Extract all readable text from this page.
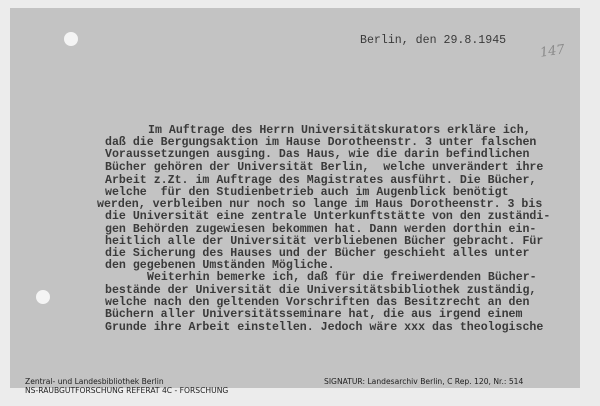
Berlin, den 29.8.1945
147
Im Auftrage des Herrn Universitätskurators erkläre ich,
daß die Bergungsaktion im Hause Dorotheenstr. 3 unter falschen
Voraussetzungen ausging. Das Haus, wie die darin befindlichen
Bücher gehören der Universität Berlin,  welche unverändert ihre
Arbeit z.Zt. im Auftrage des Magistrates ausführt. Die Bücher,
welche  für den Studienbetrieb auch im Augenblick benötigt
werden, verbleiben nur noch so lange im Haus Dorotheenstr. 3 bis
die Universität eine zentrale Unterkunftstätte von den zuständi-
gen Behörden zugewiesen bekommen hat. Dann werden dorthin ein-
heitlich alle der Universität verbliebenen Bücher gebracht. Für
die Sicherung des Hauses und der Bücher geschieht alles unter
den gegebenen Umständen Mögliche.
Weiterhin bemerke ich, daß für die freiwerdenden Bücher-
bestände der Universität die Universitätsbibliothek zuständig,
welche nach den geltenden Vorschriften das Besitzrecht an den
Büchern aller Universitätsseminare hat, die aus irgend einem
Grunde ihre Arbeit einstellen. Jedoch wäre xxx das theologische
Zentral- und Landesbibliothek Berlin
NS-RAUBGUTFORSCHUNG REFERAT 4C - FORSCHUNG
SIGNATUR: Landesarchiv Berlin, C Rep. 120, Nr.: 514
